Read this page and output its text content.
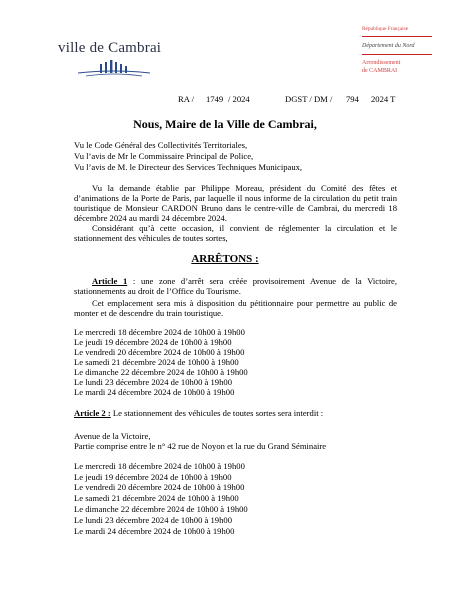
ville de Cambrai
République Française
Département du Nord
Arrondissement
de CAMBRAI
RA / 1749 / 2024	DGST / DM / 794 2024 T
Nous, Maire de la Ville de Cambrai,
Vu le Code Général des Collectivités Territoriales,
Vu l’avis de Mr le Commissaire Principal de Police,
Vu l’avis de M. le Directeur des Services Techniques Municipaux,
Vu la demande établie par Philippe Moreau, président du Comité des fêtes et
d’animations de la Porte de Paris, par laquelle il nous informe de la circulation du petit train
touristique de Monsieur CARDON Bruno dans le centre-ville de Cambrai, du mercredi 18
décembre 2024 au mardi 24 décembre 2024.
Considérant qu’à cette occasion, il convient de réglementer la circulation et le
stationnement des véhicules de toutes sortes,
ARRÊTONS :
Article 1 : une zone d’arrêt sera créée provisoirement Avenue de la Victoire,
stationnements au droit de l’Office du Tourisme.
Cet emplacement sera mis à disposition du pétitionnaire pour permettre au public de
monter et de descendre du train touristique.
Le mercredi 18 décembre 2024 de 10h00 à 19h00
Le jeudi 19 décembre 2024 de 10h00 à 19h00
Le vendredi 20 décembre 2024 de 10h00 à 19h00
Le samedi 21 décembre 2024 de 10h00 à 19h00
Le dimanche 22 décembre 2024 de 10h00 à 19h00
Le lundi 23 décembre 2024 de 10h00 à 19h00
Le mardi 24 décembre 2024 de 10h00 à 19h00
Article 2 : Le stationnement des véhicules de toutes sortes sera interdit :
Avenue de la Victoire,
Partie comprise entre le n° 42 rue de Noyon et la rue du Grand Séminaire
Le mercredi 18 décembre 2024 de 10h00 à 19h00
Le jeudi 19 décembre 2024 de 10h00 à 19h00
Le vendredi 20 décembre 2024 de 10h00 à 19h00
Le samedi 21 décembre 2024 de 10h00 à 19h00
Le dimanche 22 décembre 2024 de 10h00 à 19h00
Le lundi 23 décembre 2024 de 10h00 à 19h00
Le mardi 24 décembre 2024 de 10h00 à 19h00
